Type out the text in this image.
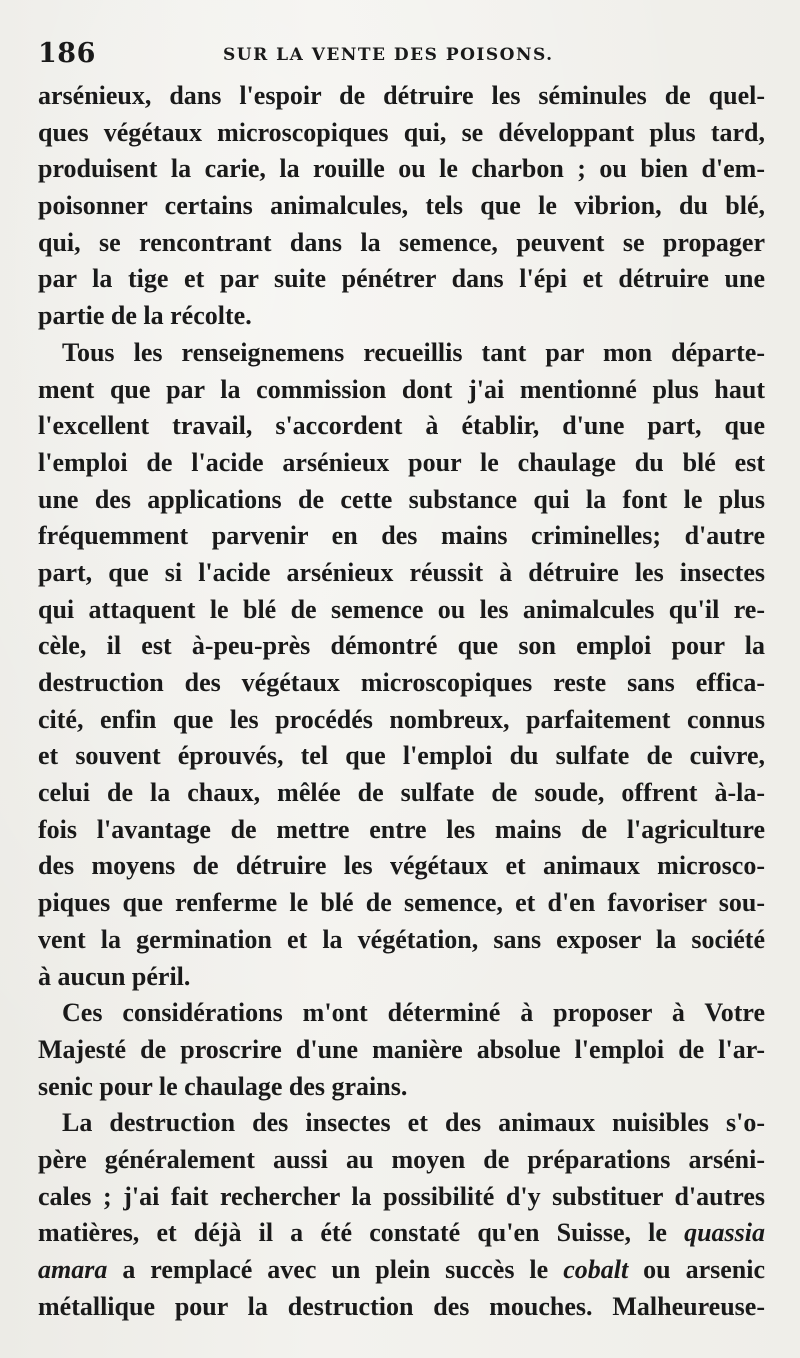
186	SUR LA VENTE DES POISONS.
arsénieux, dans l'espoir de détruire les séminules de quel-
ques végétaux microscopiques qui, se développant plus tard,
produisent la carie, la rouille ou le charbon ; ou bien d'em-
poisonner certains animalcules, tels que le vibrion, du blé,
qui, se rencontrant dans la semence, peuvent se propager
par la tige et par suite pénétrer dans l'épi et détruire une
partie de la récolte.
Tous les renseignemens recueillis tant par mon départe-
ment que par la commission dont j'ai mentionné plus haut
l'excellent travail, s'accordent à établir, d'une part, que
l'emploi de l'acide arsénieux pour le chaulage du blé est
une des applications de cette substance qui la font le plus
fréquemment parvenir en des mains criminelles; d'autre
part, que si l'acide arsénieux réussit à détruire les insectes
qui attaquent le blé de semence ou les animalcules qu'il re-
cèle, il est à-peu-près démontré que son emploi pour la
destruction des végétaux microscopiques reste sans effica-
cité, enfin que les procédés nombreux, parfaitement connus
et souvent éprouvés, tel que l'emploi du sulfate de cuivre,
celui de la chaux, mêlée de sulfate de soude, offrent à-la-
fois l'avantage de mettre entre les mains de l'agriculture
des moyens de détruire les végétaux et animaux microsco-
piques que renferme le blé de semence, et d'en favoriser sou-
vent la germination et la végétation, sans exposer la société
à aucun péril.
Ces considérations m'ont déterminé à proposer à Votre
Majesté de proscrire d'une manière absolue l'emploi de l'ar-
senic pour le chaulage des grains.
La destruction des insectes et des animaux nuisibles s'o-
père généralement aussi au moyen de préparations arséni-
cales ; j'ai fait rechercher la possibilité d'y substituer d'autres
matières, et déjà il a été constaté qu'en Suisse, le quassia
amara a remplacé avec un plein succès le cobalt ou arsenic
métallique pour la destruction des mouches. Malheureuse-
